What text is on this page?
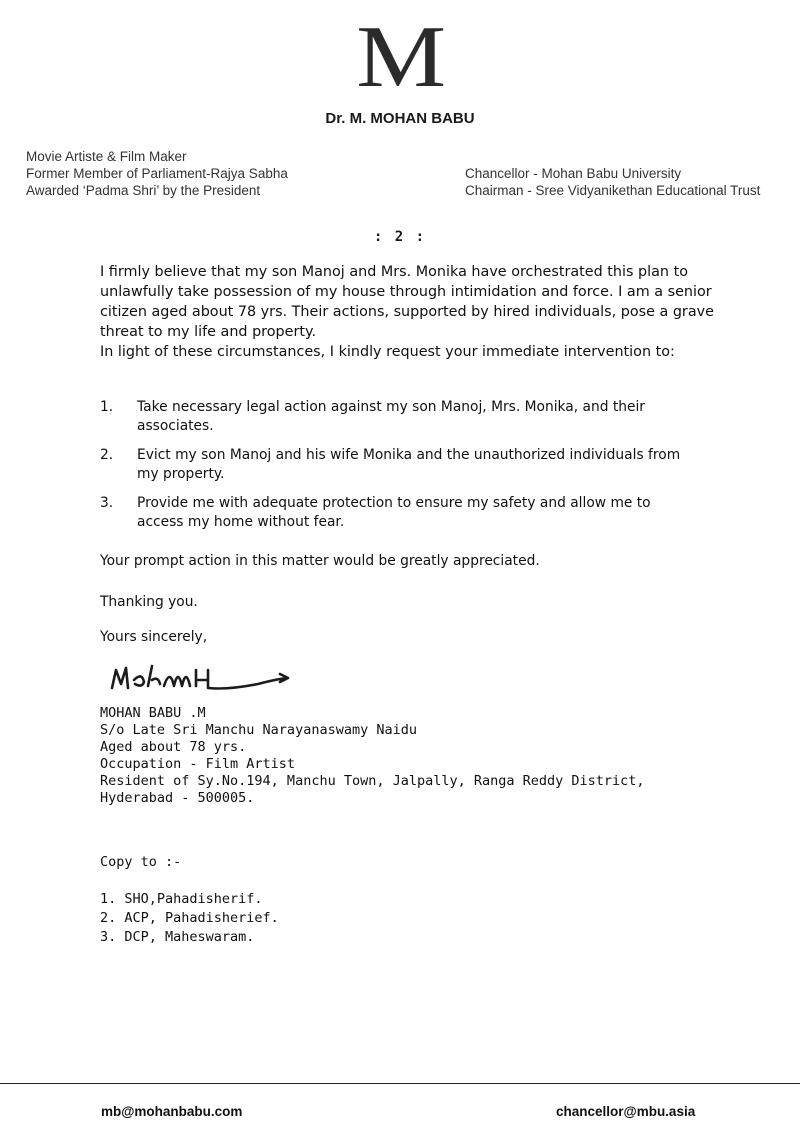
M
Dr. M. MOHAN BABU
Movie Artiste & Film Maker
Former Member of Parliament-Rajya Sabha
Awarded ‘Padma Shri’ by the President
Chancellor - Mohan Babu University
Chairman - Sree Vidyanikethan Educational Trust
: 2 :

I firmly believe that my son Manoj and Mrs. Monika have orchestrated this plan to unlawfully take possession of my house through intimidation and force. I am a senior citizen aged about 78 yrs. Their actions, supported by hired individuals, pose a grave threat to my life and property.

In light of these circumstances, I kindly request your immediate intervention to:

1. Take necessary legal action against my son Manoj, Mrs. Monika, and their associates.
2. Evict my son Manoj and his wife Monika and the unauthorized individuals from my property.
3. Provide me with adequate protection to ensure my safety and allow me to access my home without fear.
Your prompt action in this matter would be greatly appreciated.
Thanking you.
Yours sincerely,
MOHAN BABU .M
S/o Late Sri Manchu Narayanaswamy Naidu
Aged about 78 yrs.
Occupation - Film Artist
Resident of Sy.No.194, Manchu Town, Jalpally, Ranga Reddy District,
Hyderabad - 500005.
Copy to :-
1. SHO,Pahadisherif.
2. ACP, Pahadisherief.
3. DCP, Maheswaram.
mb@mohanbabu.com	chancellor@mbu.asia
